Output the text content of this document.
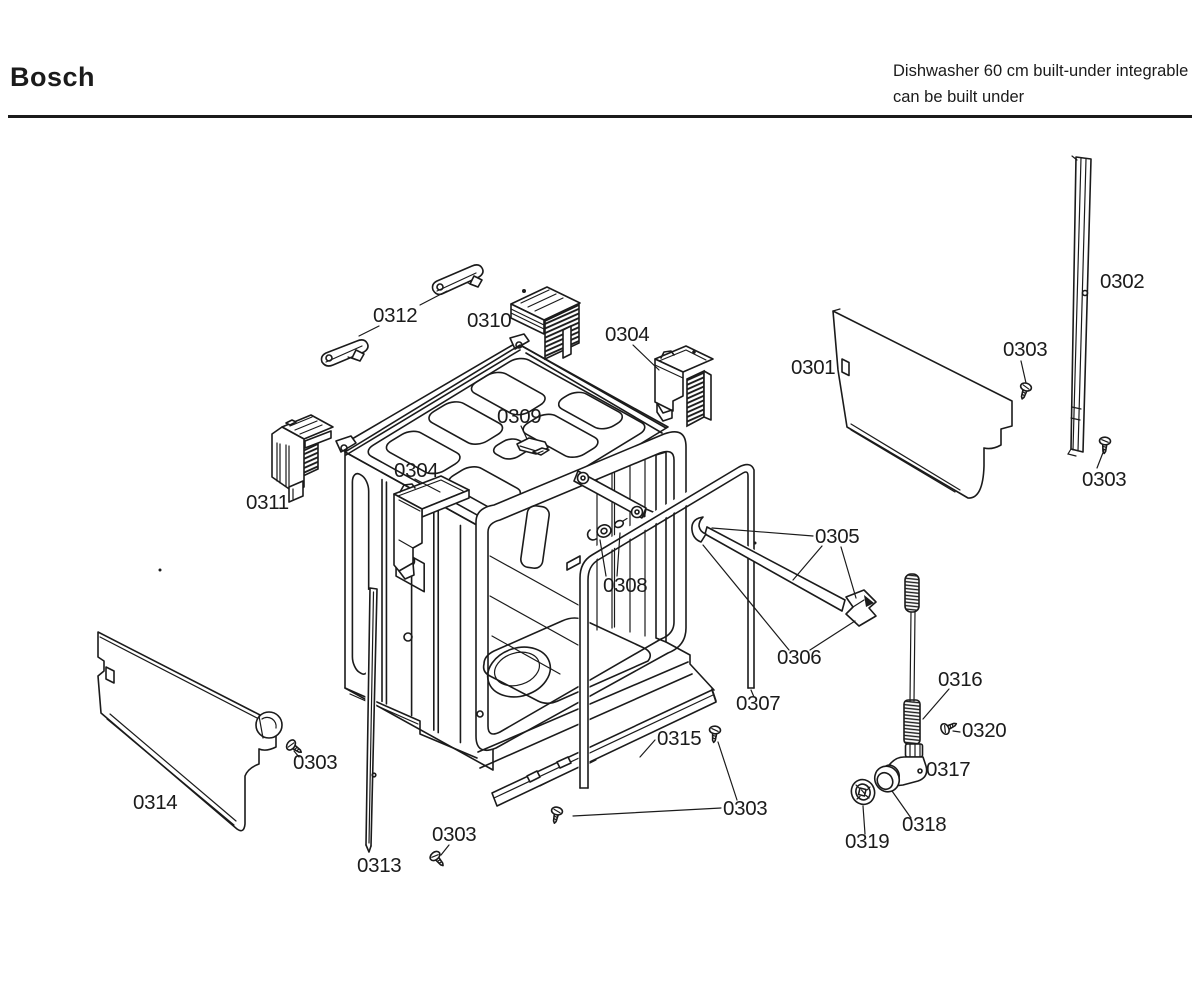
Bosch	Dishwasher 60 cm built-under integrable
can be built under
0312 0310
0304
0301
0303
0302
0303
0309
0304
0311
0308
0305
0306
0307
0316
0320
0317
0318
0319
0315
0303
0303
0314
0303
0313
